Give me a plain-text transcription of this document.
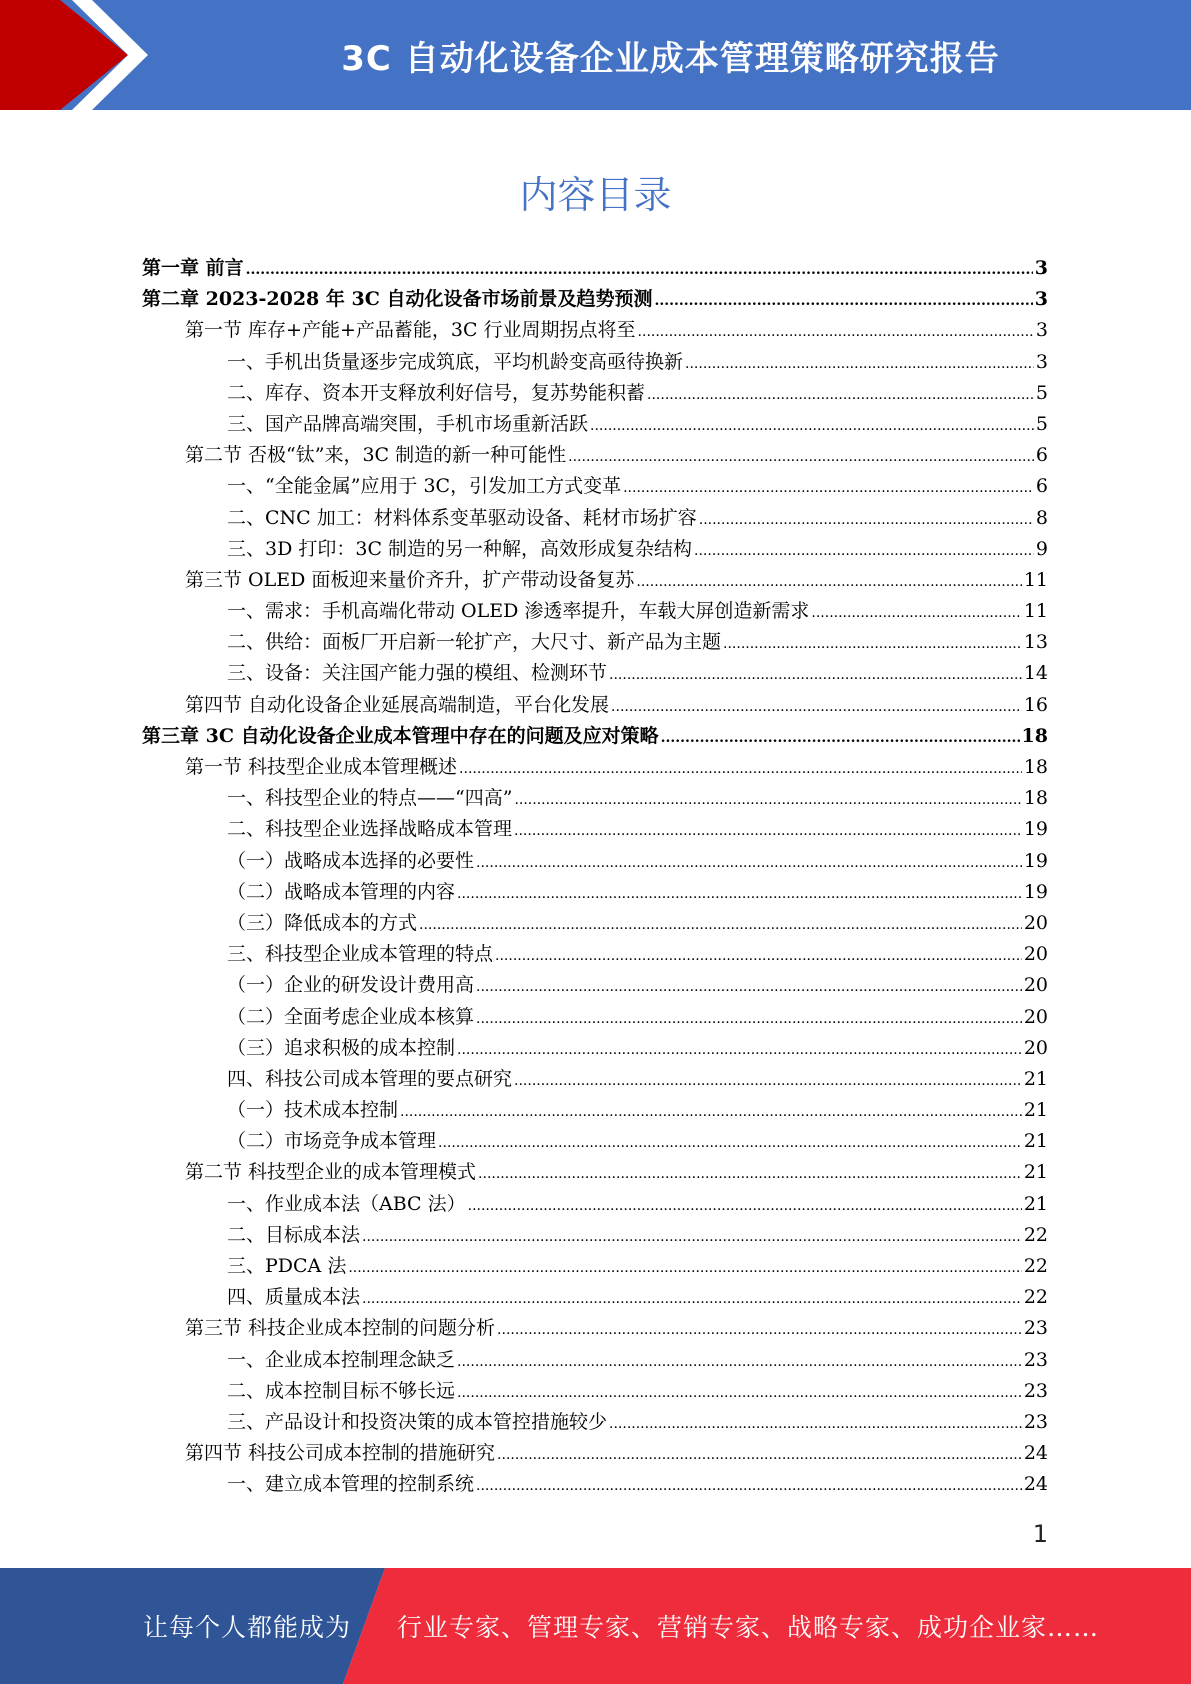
3C 自动化设备企业成本管理策略研究报告
内容目录
第一章 前言 .....	3
第二章 2023-2028 年 3C 自动化设备市场前景及趋势预测 .....	3
第一节 库存+产能+产品蓄能，3C 行业周期拐点将至 .....	3
一、手机出货量逐步完成筑底，平均机龄变高亟待换新 .....	3
二、库存、资本开支释放利好信号，复苏势能积蓄 .....	5
三、国产品牌高端突围，手机市场重新活跃 .....	5
第二节 否极“钛”来，3C 制造的新一种可能性 .....	6
一、“全能金属”应用于 3C，引发加工方式变革 .....	6
二、CNC 加工：材料体系变革驱动设备、耗材市场扩容 .....	8
三、3D 打印：3C 制造的另一种解，高效形成复杂结构 .....	9
第三节 OLED 面板迎来量价齐升，扩产带动设备复苏 .....	11
一、需求：手机高端化带动 OLED 渗透率提升，车载大屏创造新需求 .....	11
二、供给：面板厂开启新一轮扩产，大尺寸、新产品为主题 .....	13
三、设备：关注国产能力强的模组、检测环节 .....	14
第四节 自动化设备企业延展高端制造，平台化发展 .....	16
第三章 3C 自动化设备企业成本管理中存在的问题及应对策略 .....	18
第一节 科技型企业成本管理概述 .....	18
一、科技型企业的特点——“四高” .....	18
二、科技型企业选择战略成本管理 .....	19
（一）战略成本选择的必要性 .....	19
（二）战略成本管理的内容 .....	19
（三）降低成本的方式 .....	20
三、科技型企业成本管理的特点 .....	20
（一）企业的研发设计费用高 .....	20
（二）全面考虑企业成本核算 .....	20
（三）追求积极的成本控制 .....	20
四、科技公司成本管理的要点研究 .....	21
（一）技术成本控制 .....	21
（二）市场竞争成本管理 .....	21
第二节 科技型企业的成本管理模式 .....	21
一、作业成本法（ABC 法） .....	21
二、目标成本法 .....	22
三、PDCA 法 .....	22
四、质量成本法 .....	22
第三节 科技企业成本控制的问题分析 .....	23
一、企业成本控制理念缺乏 .....	23
二、成本控制目标不够长远 .....	23
三、产品设计和投资决策的成本管控措施较少 .....	23
第四节 科技公司成本控制的措施研究 .....	24
一、建立成本管理的控制系统 .....	24
1
让每个人都能成为 行业专家、管理专家、营销专家、战略专家、成功企业家……
